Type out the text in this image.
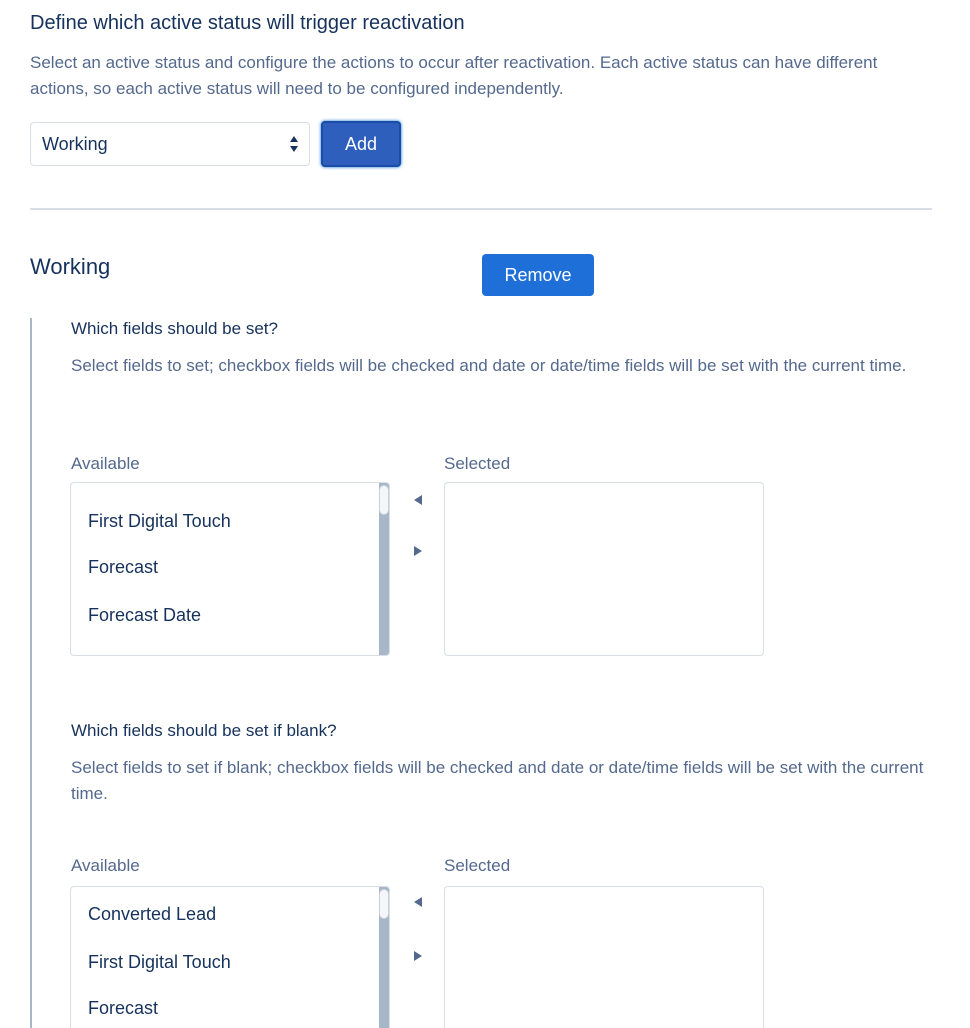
Define which active status will trigger reactivation
Select an active status and configure the actions to occur after reactivation. Each active status can have different actions, so each active status will need to be configured independently.
Working	Add
Working	Remove
Which fields should be set?
Select fields to set; checkbox fields will be checked and date or date/time fields will be set with the current time.
Available	Selected
First Digital Touch
Forecast
Forecast Date
Which fields should be set if blank?
Select fields to set if blank; checkbox fields will be checked and date or date/time fields will be set with the current time.
Available	Selected
Converted Lead
First Digital Touch
Forecast
